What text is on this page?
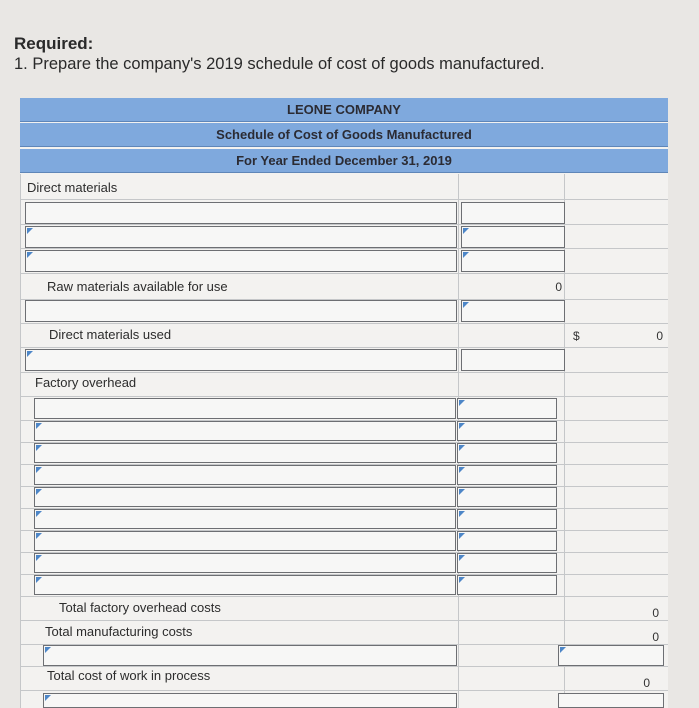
Required:
1. Prepare the company's 2019 schedule of cost of goods manufactured.
LEONE COMPANY
Schedule of Cost of Goods Manufactured
For Year Ended December 31, 2019
Direct materials
Raw materials available for use	0
Direct materials used	$	0
Factory overhead
Total factory overhead costs	0
Total manufacturing costs	0
Total cost of work in process	0
